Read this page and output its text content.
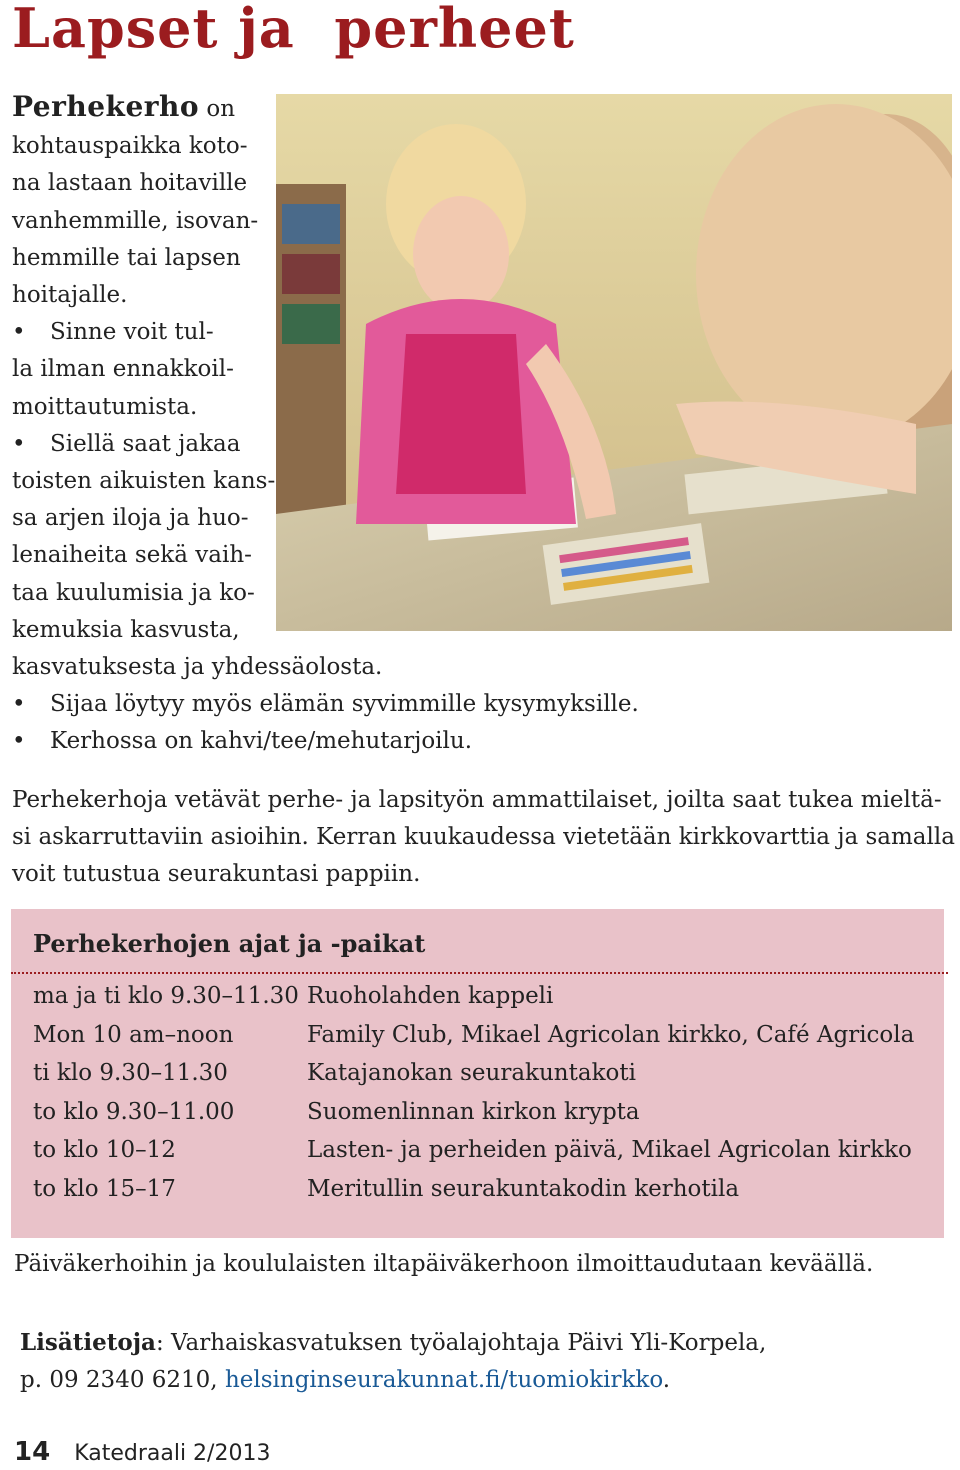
Lapset ja  perheet
Perhekerho on
kohtauspaikka koto-
na lastaan hoitaville
vanhemmille, isovan-
hemmille tai lapsen
hoitajalle.
• Sinne voit tul-
la ilman ennakkoil-
moittautumista.
• Siellä saat jakaa
toisten aikuisten kans-
sa arjen iloja ja huo-
lenaiheita sekä vaih-
taa kuulumisia ja ko-
kemuksia kasvusta,
kasvatuksesta ja yhdessäolosta.
• Sijaa löytyy myös elämän syvimmille kysymyksille.
• Kerhossa on kahvi/tee/mehutarjoilu.
Perhekerhoja vetävät perhe- ja lapsityön ammattilaiset, joilta saat tukea mieltä-
si askarruttaviin asioihin. Kerran kuukaudessa vietetään kirkkovarttia ja samalla
voit tutustua seurakuntasi pappiin.
Perhekerhojen ajat ja -paikat
ma ja ti klo 9.30–11.30 Ruoholahden kappeli
Mon 10 am–noon	Family Club, Mikael Agricolan kirkko, Café Agricola
ti klo 9.30–11.30	Katajanokan seurakuntakoti
to klo 9.30–11.00	Suomenlinnan kirkon krypta
to klo 10–12	Lasten- ja perheiden päivä, Mikael Agricolan kirkko
to klo 15–17	Meritullin seurakuntakodin kerhotila
Päiväkerhoihin ja koululaisten iltapäiväkerhoon ilmoittaudutaan keväällä.
Lisätietoja: Varhaiskasvatuksen työalajohtaja Päivi Yli-Korpela,
p. 09 2340 6210, helsinginseurakunnat.fi/tuomiokirkko.
14 Katedraali 2/2013
